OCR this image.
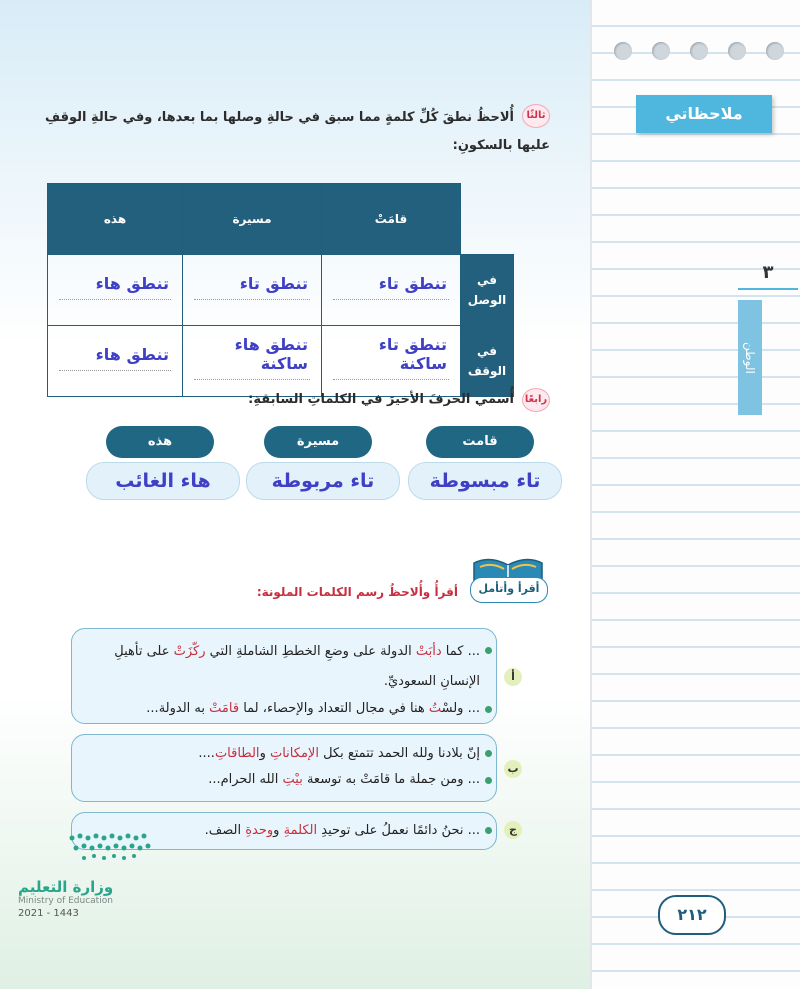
ثالثًا
أُلاحظُ نطقَ كُلِّ كلمةٍ مما سبق في حالةِ وصلها بما بعدها، وفي حالةِ الوقفِ عليها بالسكونِ:
	قامَتْ	مسيرة	هذه
في الوصل	تنطق تاء	تنطق تاء	تنطق هاء

في الوقف	تنطق تاء ساكنة	تنطق هاء ساكنة	تنطق هاء
رابعًا
أُسمي الحرفَ الأخيرَ في الكلماتِ السابقةِ:
قامت
مسيرة
هذه
تاء مبسوطة
تاء مربوطة
هاء الغائب
أقرأ وأتأمل
أقرأُ وأُلاحظُ رسم الكلمات الملونة:
... كما دأبَتْ الدولة على وضعِ الخططِ الشاملةِ التي ركّزَتْ على تأهيلِ الإنسانِ السعوديِّ.
... ولسْتُ هنا في مجال التعداد والإحصاء، لما قامَتْ به الدولة...
أ
إنّ بلادنا ولله الحمد تتمتع بكل الإمكاناتِ والطاقاتِ....
... ومن جملة ما قامَتْ به توسعة بيْتِ الله الحرام...
ب
... نحنُ دائمًا نعملُ على توحيدِ الكلمةِ ووحدةِ الصف.	ج
وزارة التعليم
Ministry of Education
2021 - 1443
ملاحظاتي
٣
الوطن
٢١٢
